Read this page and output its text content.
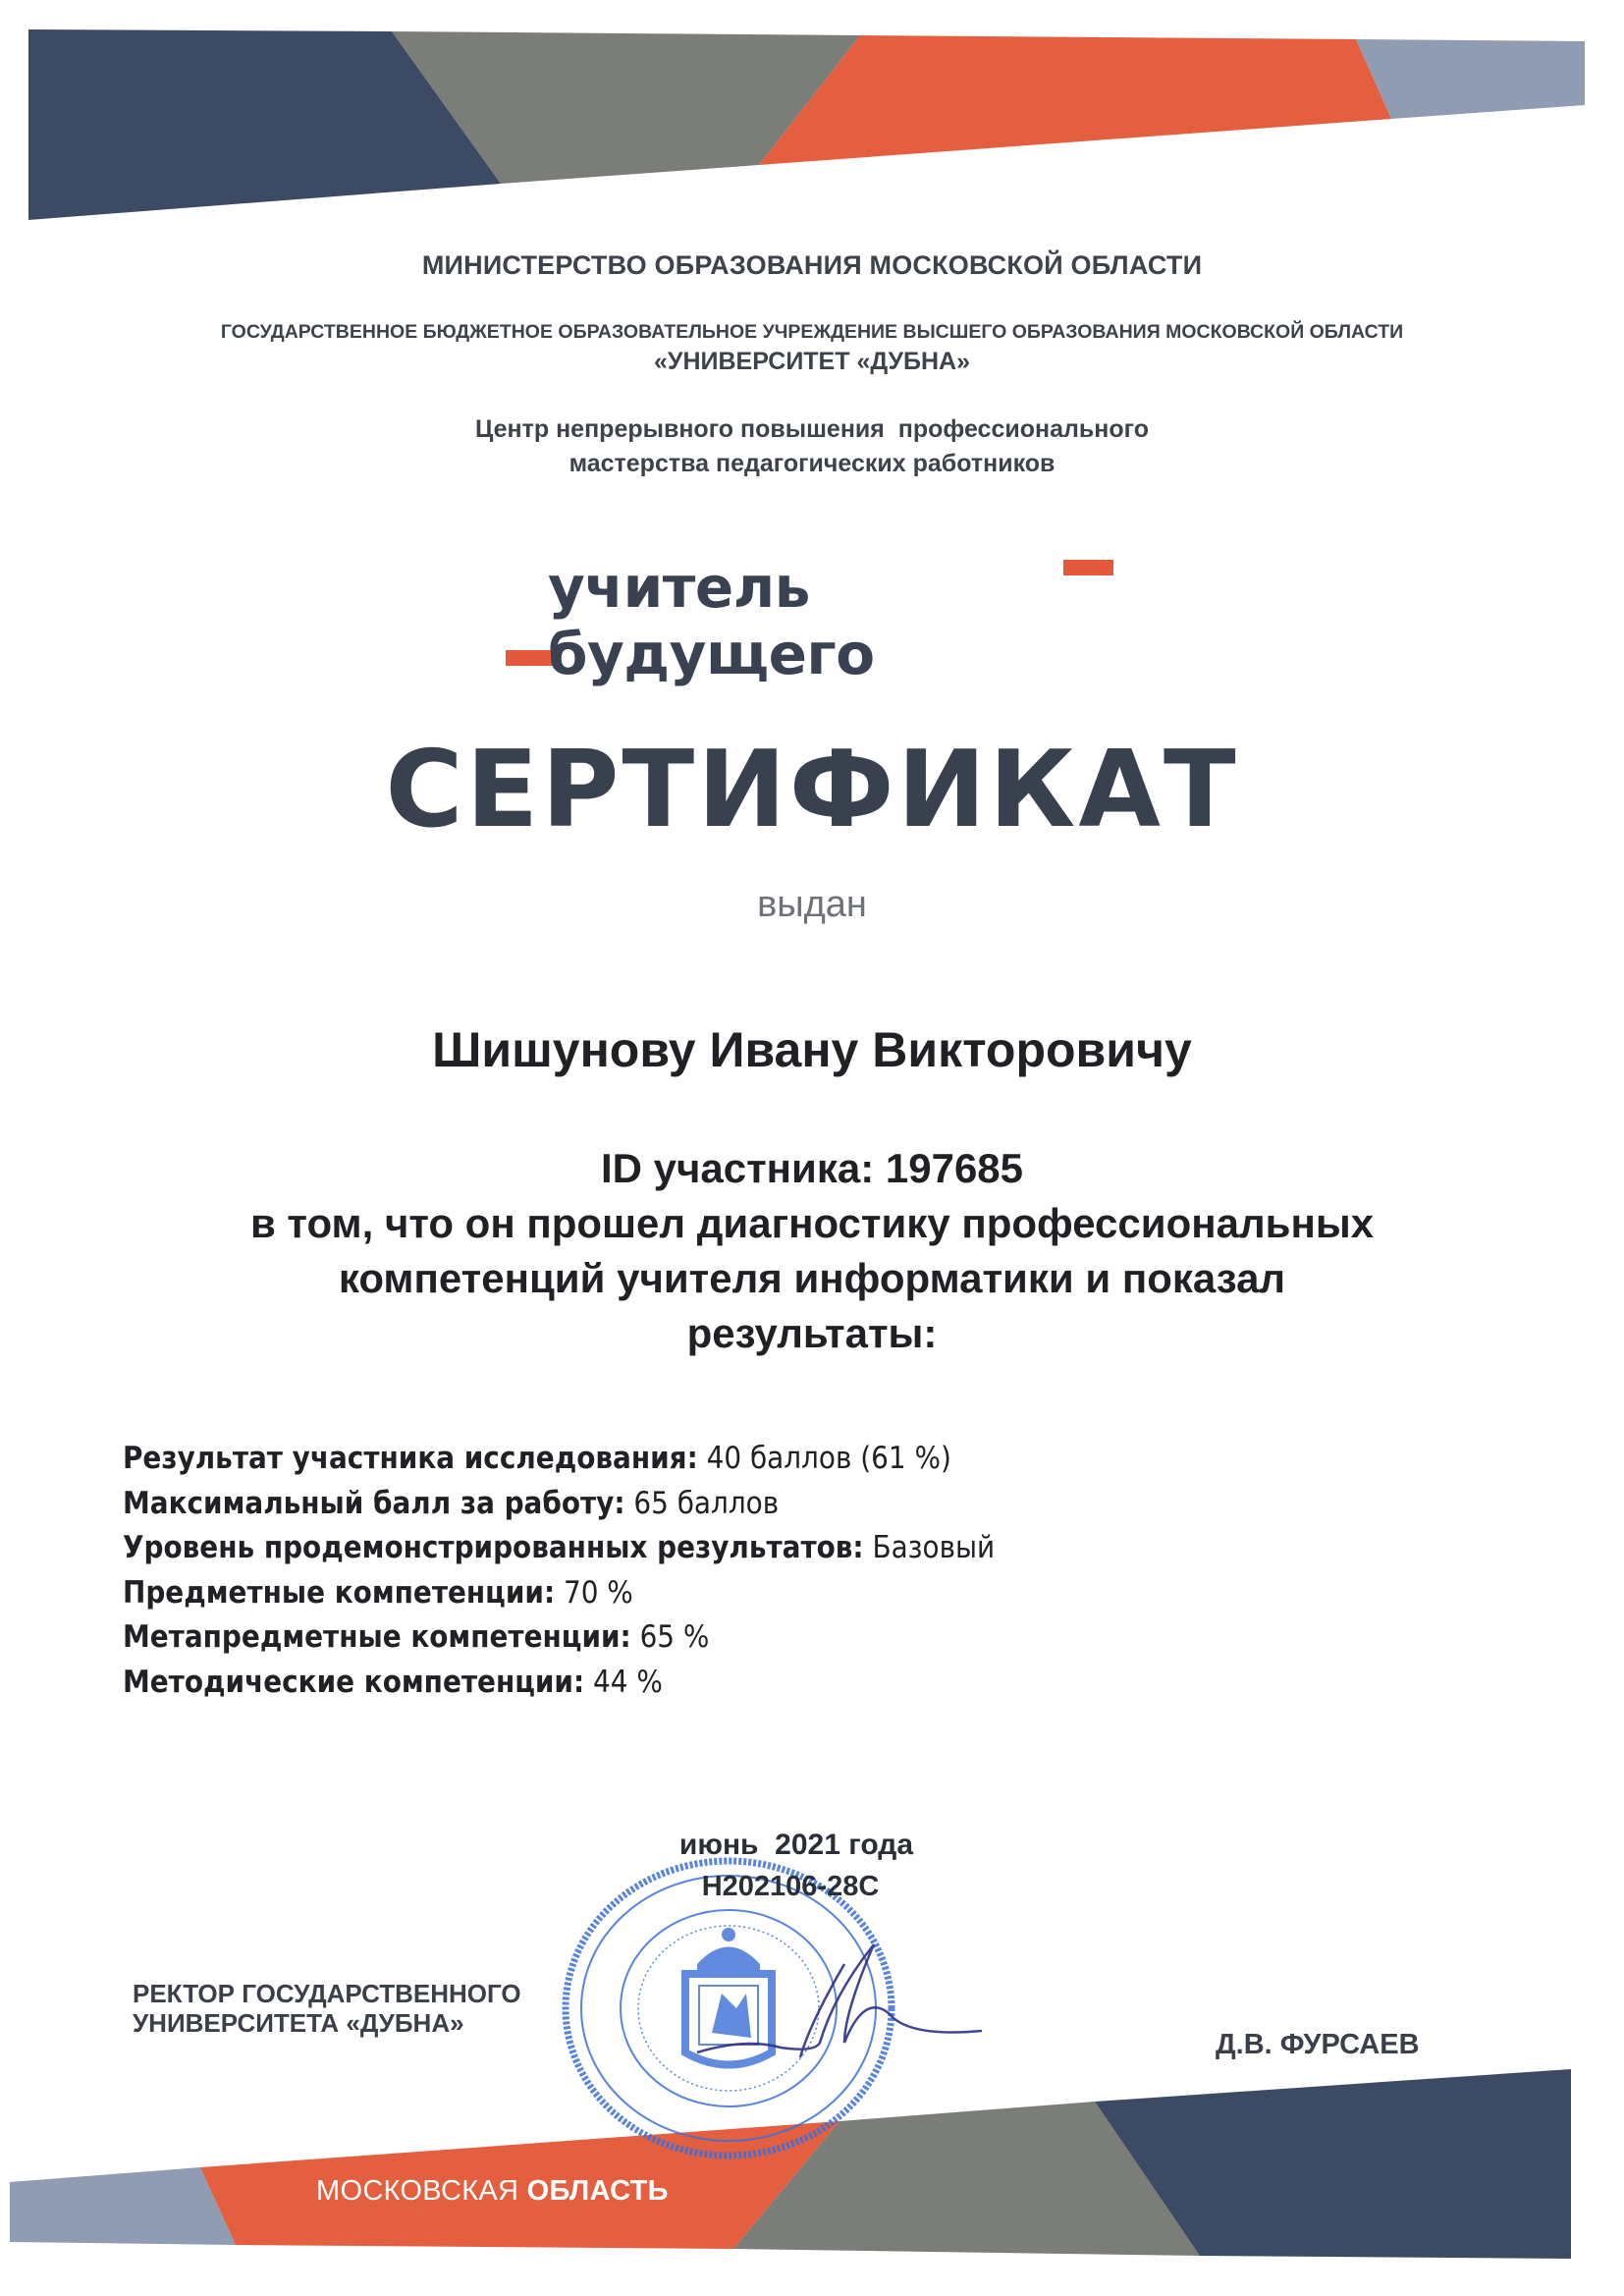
МИНИСТЕРСТВО ОБРАЗОВАНИЯ МОСКОВСКОЙ ОБЛАСТИ
ГОСУДАРСТВЕННОЕ БЮДЖЕТНОЕ ОБРАЗОВАТЕЛЬНОЕ УЧРЕЖДЕНИЕ ВЫСШЕГО ОБРАЗОВАНИЯ МОСКОВСКОЙ ОБЛАСТИ
«УНИВЕРСИТЕТ «ДУБНА»
Центр непрерывного повышения  профессионального
мастерства педагогических работников
учитель будущего
СЕРТИФИКАТ
выдан
Шишунову Ивану Викторовичу
ID участника: 197685
в том, что он прошел диагностику профессиональных
компетенций учителя информатики и показал
результаты:
Результат участника исследования: 40 баллов (61 %)
Максимальный балл за работу: 65 баллов
Уровень продемонстрированных результатов: Базовый
Предметные компетенции: 70 %
Метапредметные компетенции: 65 %
Методические компетенции: 44 %
МОСКОВСКАЯ ОБЛАСТЬ
РЕКТОР ГОСУДАРСТВЕННОГО
УНИВЕРСИТЕТА «ДУБНА»
Д.В. ФУРСАЕВ
июнь  2021 года
Н202106-28С
